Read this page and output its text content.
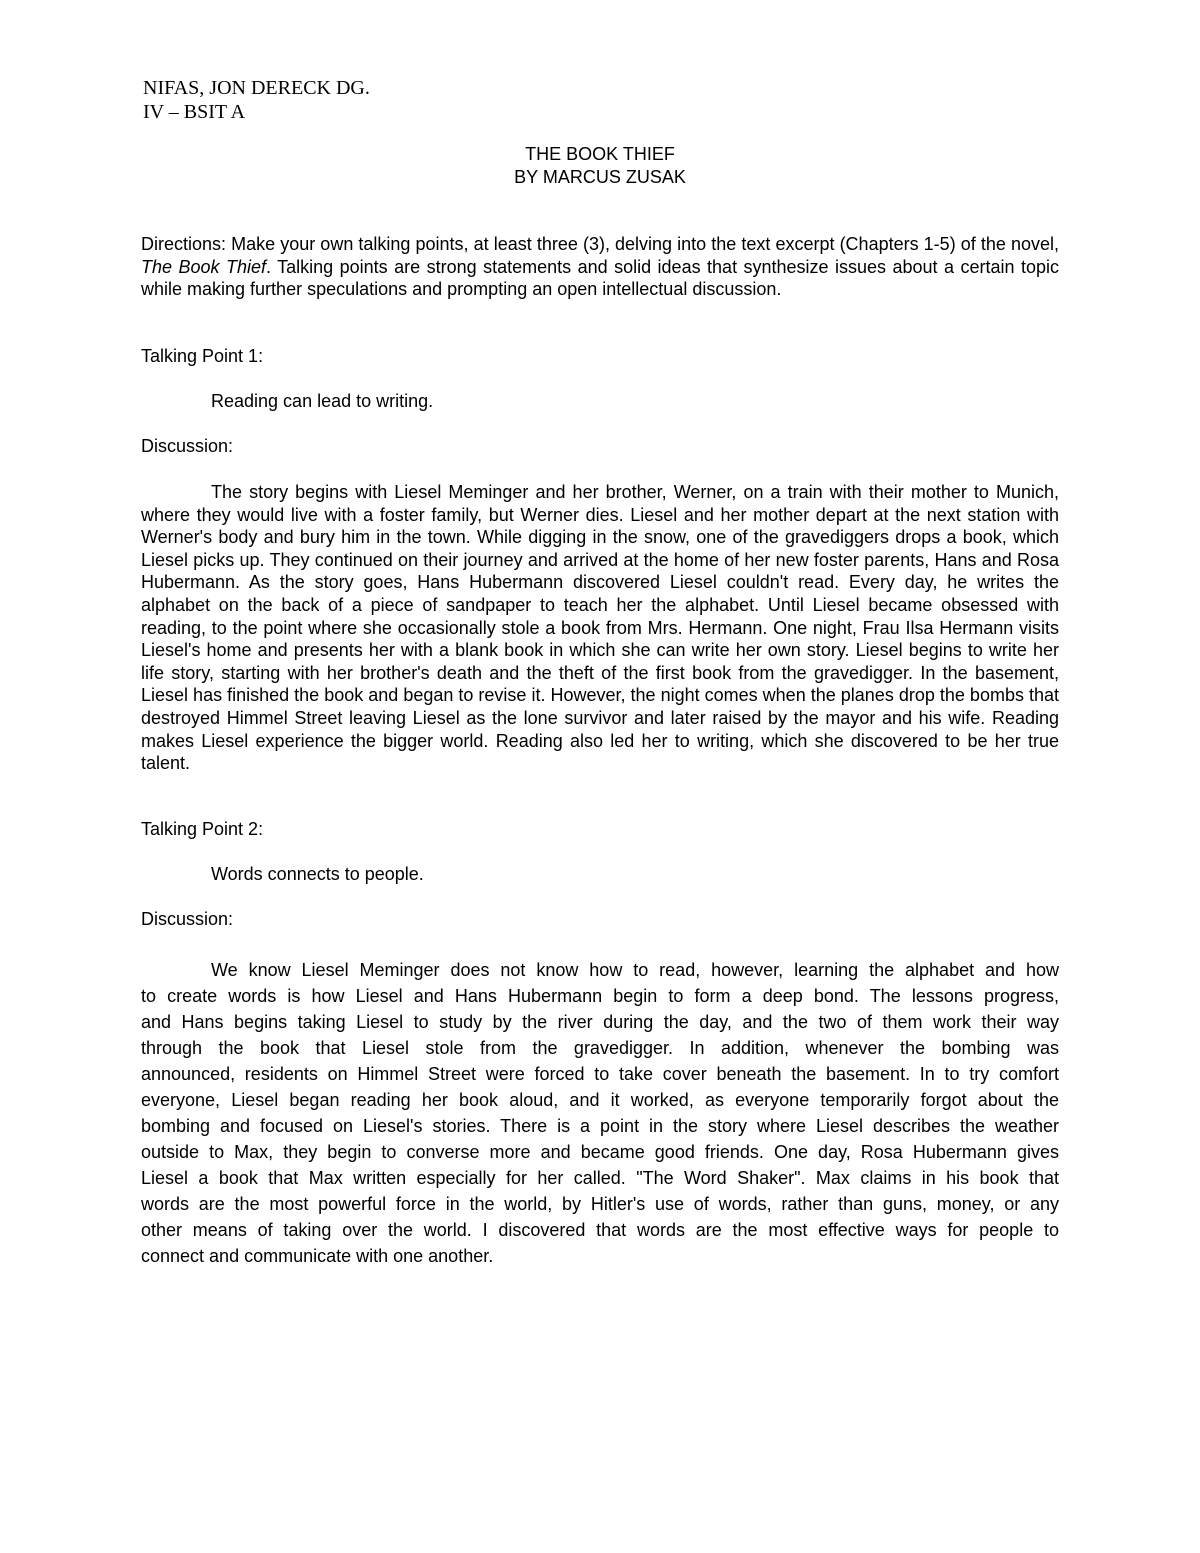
NIFAS, JON DERECK DG.
IV – BSIT A
THE BOOK THIEF
BY MARCUS ZUSAK
Directions: Make your own talking points, at least three (3), delving into the text excerpt (Chapters 1-5) of the novel, The Book Thief. Talking points are strong statements and solid ideas that synthesize issues about a certain topic while making further speculations and prompting an open intellectual discussion.
Talking Point 1:
Reading can lead to writing.
Discussion:
The story begins with Liesel Meminger and her brother, Werner, on a train with their mother to Munich, where they would live with a foster family, but Werner dies. Liesel and her mother depart at the next station with Werner's body and bury him in the town. While digging in the snow, one of the gravediggers drops a book, which Liesel picks up. They continued on their journey and arrived at the home of her new foster parents, Hans and Rosa Hubermann. As the story goes, Hans Hubermann discovered Liesel couldn't read. Every day, he writes the alphabet on the back of a piece of sandpaper to teach her the alphabet. Until Liesel became obsessed with reading, to the point where she occasionally stole a book from Mrs. Hermann. One night, Frau Ilsa Hermann visits Liesel's home and presents her with a blank book in which she can write her own story. Liesel begins to write her life story, starting with her brother's death and the theft of the first book from the gravedigger. In the basement, Liesel has finished the book and began to revise it. However, the night comes when the planes drop the bombs that destroyed Himmel Street leaving Liesel as the lone survivor and later raised by the mayor and his wife. Reading makes Liesel experience the bigger world. Reading also led her to writing, which she discovered to be her true talent.
Talking Point 2:
Words connects to people.
Discussion:
We know Liesel Meminger does not know how to read, however, learning the alphabet and how
to create words is how Liesel and Hans Hubermann begin to form a deep bond. The lessons progress,
and Hans begins taking Liesel to study by the river during the day, and the two of them work their way
through the book that Liesel stole from the gravedigger. In addition, whenever the bombing was
announced, residents on Himmel Street were forced to take cover beneath the basement. In to try comfort
everyone, Liesel began reading her book aloud, and it worked, as everyone temporarily forgot about the
bombing and focused on Liesel's stories. There is a point in the story where Liesel describes the weather
outside to Max, they begin to converse more and became good friends. One day, Rosa Hubermann gives
Liesel a book that Max written especially for her called. "The Word Shaker". Max claims in his book that
words are the most powerful force in the world, by Hitler's use of words, rather than guns, money, or any
other means of taking over the world. I discovered that words are the most effective ways for people to
connect and communicate with one another.
